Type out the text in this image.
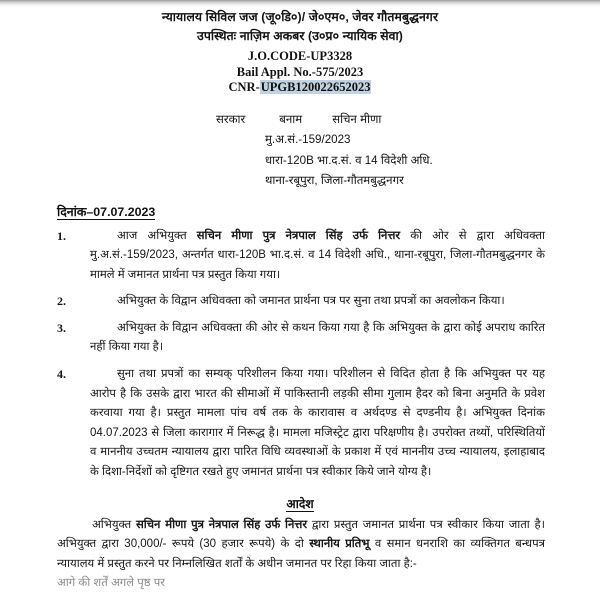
न्यायालय सिविल जज (जू०डि०)/ जे०एम०, जेवर गौतमबुद्धनगर
उपस्थितः नाज़िम अकबर (उ०प्र० न्यायिक सेवा)
J.O.CODE-UP3328
Bail Appl. No.-575/2023
CNR-UPGB120022652023
सरकार	बनाम	सचिन मीणा
मु.अ.सं.-159/2023
धारा-120B भा.द.सं. व 14 विदेशी अधि.
थाना-रबूपुरा, जिला-गौतमबुद्धनगर
दिनांक–07.07.2023
1.	आज अभियुक्त सचिन मीणा पुत्र नेत्रपाल सिंह उर्फ नित्तर की ओर से द्वारा अधिवक्ता मु.अ.सं.-159/2023, अन्तर्गत धारा-120B भा.द.सं. व 14 विदेशी अधि., थाना-रबूपुरा, जिला-गौतमबुद्धनगर के मामले में जमानत प्रार्थना पत्र प्रस्तुत किया गया।
2.	अभियुक्त के विद्वान अधिवक्ता को जमानत प्रार्थना पत्र पर सुना तथा प्रपत्रों का अवलोकन किया।
3.	अभियुक्त के विद्वान अधिवक्ता की ओर से कथन किया गया है कि अभियुक्त के द्वारा कोई अपराध कारित नहीं किया गया है।
4.	सुना तथा प्रपत्रों का सम्यक् परिशीलन किया गया। परिशीलन से विदित होता है कि अभियुक्त पर यह आरोप है कि उसके द्वारा भारत की सीमाओं में पाकिस्तानी लड़की सीमा गुलाम हैदर को बिना अनुमति के प्रवेश करवाया गया है। प्रस्तुत मामला पांच वर्ष तक के कारावास व अर्थदण्ड से दण्डनीय है। अभियुक्त दिनांक 04.07.2023 से जिला कारागार में निरूद्ध है। मामला मजिस्ट्रेट द्वारा परिक्षणीय है। उपरोक्त तथ्यों, परिस्थितियों व माननीय उच्चतम न्यायालय द्वारा पारित विधि व्यवस्थाओं के प्रकाश में एवं माननीय उच्च न्यायालय, इलाहाबाद के दिशा-निर्देशों को दृष्टिगत रखते हुए जमानत प्रार्थना पत्र स्वीकार किये जाने योग्य है।
आदेश
अभियुक्त सचिन मीणा पुत्र नेत्रपाल सिंह उर्फ नित्तर द्वारा प्रस्तुत जमानत प्रार्थना पत्र स्वीकार किया जाता है। अभियुक्त द्वारा 30,000/- रूपये (30 हजार रूपये) के दो स्थानीय प्रतिभू व समान धनराशि का व्यक्तिगत बन्धपत्र न्यायालय में प्रस्तुत करने पर निम्नलिखित शर्तों के अधीन जमानत पर रिहा किया जाता है:-
आगे की शर्तें अगले पृष्ठ पर
